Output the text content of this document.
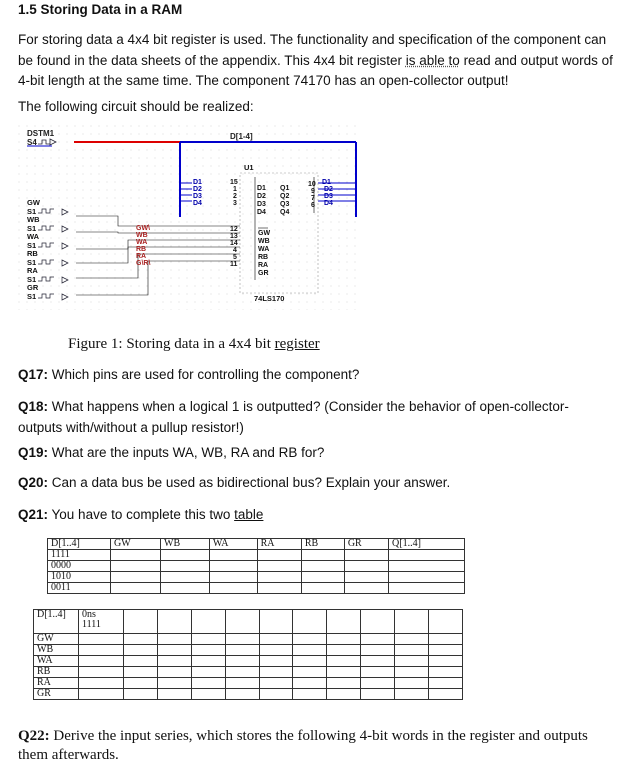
1.5 Storing Data in a RAM
For storing data a 4x4 bit register is used. The functionality and specification of the component can be found in the data sheets of the appendix. This 4x4 bit register is able to read and output words of 4-bit length at the same time. The component 74170 has an open-collector output!
The following circuit should be realized:
DSTM1
S4
D[1-4]
D1
D2
D3
D4
15
1
2
3
U1
D1
D2
D3
D4
Q1
Q2
Q3
Q4
10
9
7
6
D1
D2
D3
D4
12
13
14
4
5
11
GW
WB
WA
RB
RA
GR
74LS170
GW\
WB
WA
RB
RA
G\R\
GW
S1
WB
S1
WA
S1
RB
S1
RA
S1
GR
S1
Figure 1: Storing data in a 4x4 bit register
Q17: Which pins are used for controlling the component?
Q18: What happens when a logical 1 is outputted? (Consider the behavior of open-collector-outputs with/without a pullup resistor!)
Q19: What are the inputs WA, WB, RA and RB for?
Q20: Can a data bus be used as bidirectional bus? Explain your answer.
Q21: You have to complete this two table
D[1..4]	GW	WB	WA	RA	RB	GR	Q[1..4]
1111							
0000							
1010							
0011							
D[1..4]	0ns
1111										

GW											
WB											
WA											
RB											
RA											
GR											
Q22: Derive the input series, which stores the following 4-bit words in the register and outputs them afterwards.
